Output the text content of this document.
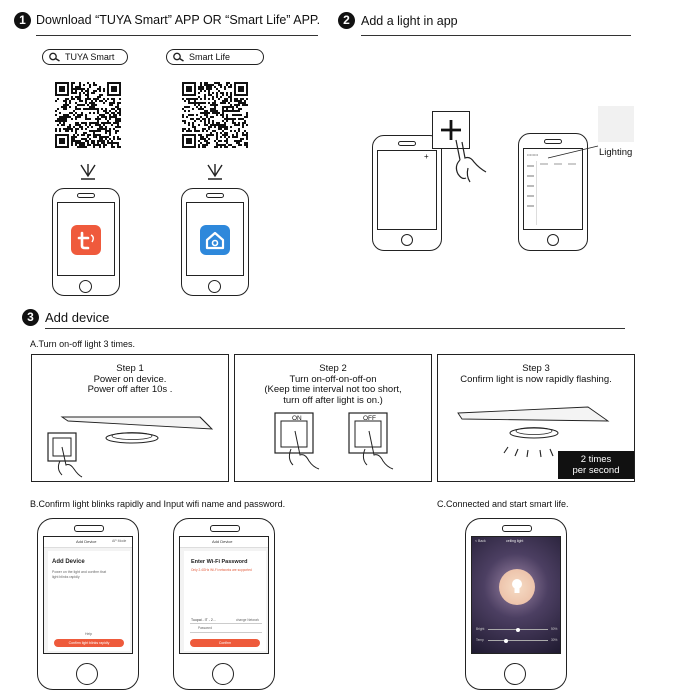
1 Download “TUYA Smart” APP OR “Smart Life” APP.
TUYA Smart	Smart Life
2 Add a light in app
+	••••••••	Lighting
3 Add device
A.Turn on-off light 3 times.
Step 1
Power on device.
Power off after 10s .
Step 2
Turn on-off-on-off-on
(Keep time interval not too short,
turn off after light is on.)
ON	OFF
Step 3
Confirm light is now rapidly flashing.
2 times
per second
B.Confirm light blinks rapidly and Input wifi name and password.	C.Connected and start smart life.
Add Device	AP Mode
Add Device
Power on the light and confirm that light blinks rapidly
Help
Confirm light blinks rapidly
Add Device
Enter Wi-Fi Password
Only 2.4GHz Wi-Fi networks are supported
Tuopai - IT - 2...	change Network
Password
Confirm
< Back	ceiling light
Bright	50%
Temp	30%
